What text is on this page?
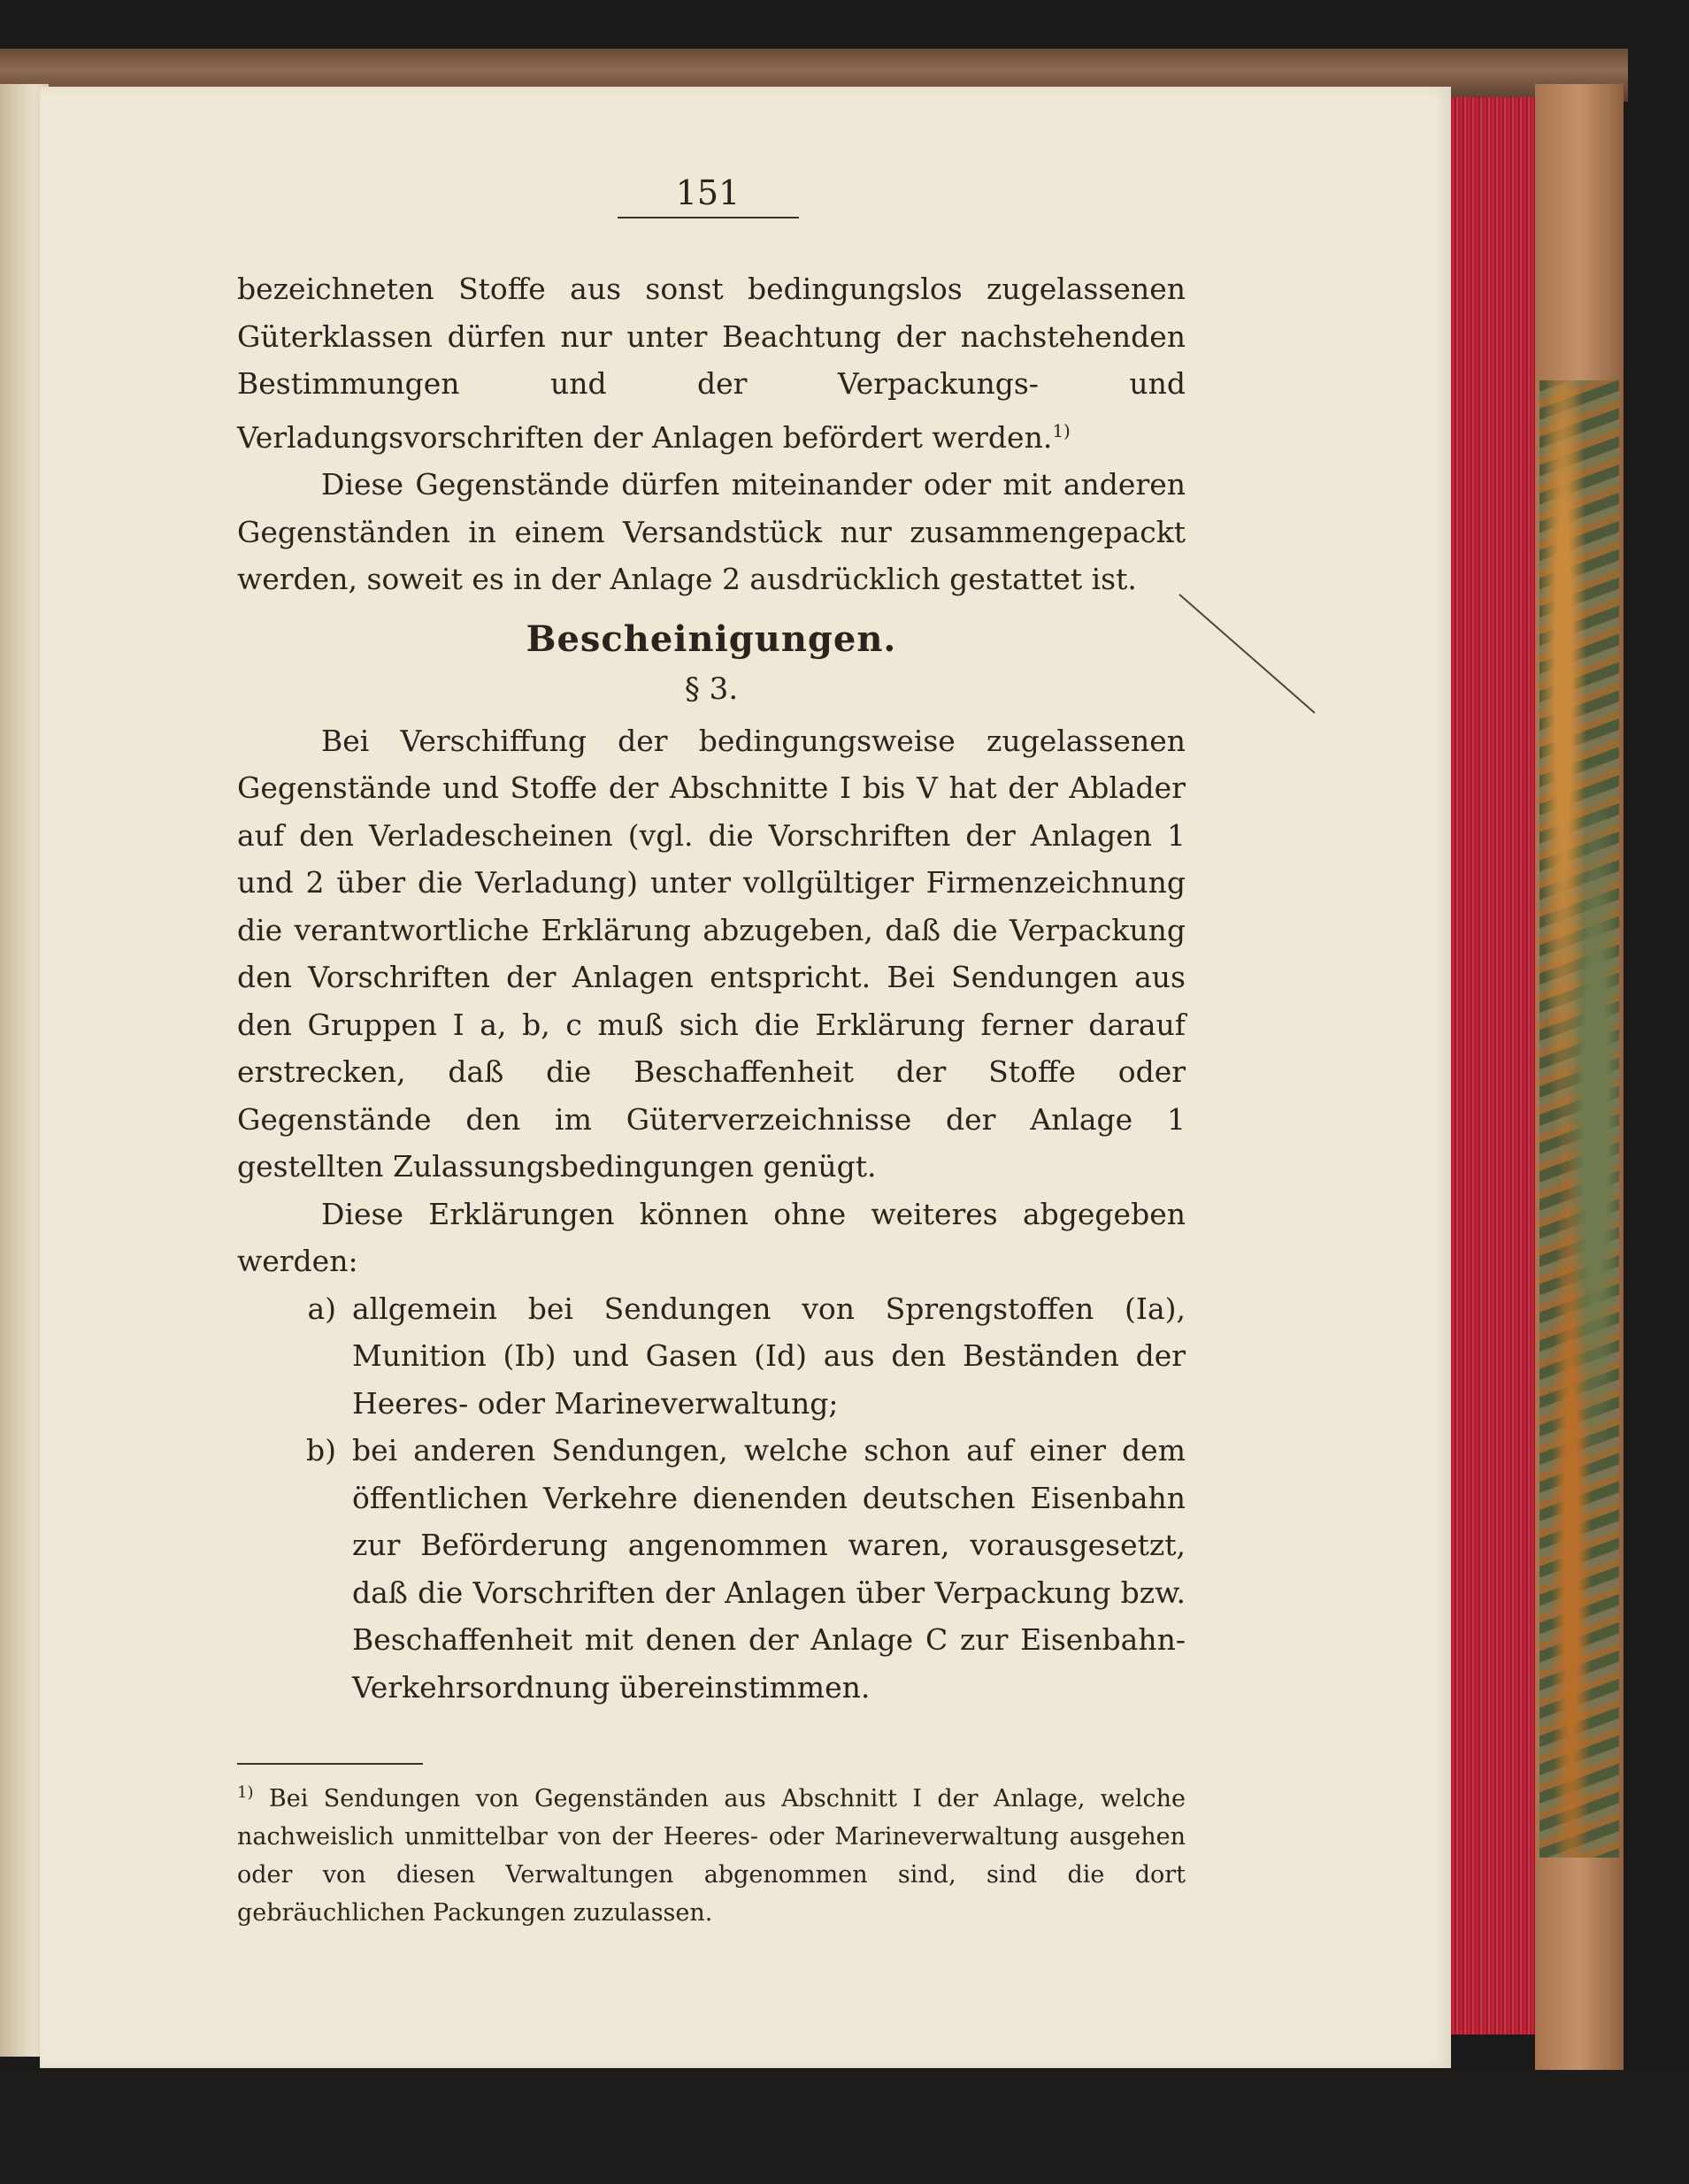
151

bezeichneten Stoffe aus sonst bedingungslos zugelassenen Güterklassen dürfen nur unter Beachtung der nachstehenden Bestimmungen und der Verpackungs- und Verladungsvorschriften der Anlagen befördert werden.$^{1)}$

Diese Gegenstände dürfen miteinander oder mit anderen Gegenständen in einem Versandstück nur zusammengepackt werden, soweit es in der Anlage 2 ausdrücklich gestattet ist.

Bescheinigungen.
§ 3.

Bei Verschiffung der bedingungsweise zugelassenen Gegenstände und Stoffe der Abschnitte I bis V hat der Ablader auf den Verladescheinen (vgl. die Vorschriften der Anlagen 1 und 2 über die Verladung) unter vollgültiger Firmenzeichnung die verantwortliche Erklärung abzugeben, daß die Verpackung den Vorschriften der Anlagen entspricht. Bei Sendungen aus den Gruppen I a, b, c muß sich die Erklärung ferner darauf erstrecken, daß die Beschaffenheit der Stoffe oder Gegenstände den im Güterverzeichnisse der Anlage 1 gestellten Zulassungsbedingungen genügt.

Diese Erklärungen können ohne weiteres abgegeben werden:

a) allgemein bei Sendungen von Sprengstoffen (Ia), Munition (Ib) und Gasen (Id) aus den Beständen der Heeres- oder Marineverwaltung;
b) bei anderen Sendungen, welche schon auf einer dem öffentlichen Verkehre dienenden deutschen Eisenbahn zur Beförderung angenommen waren, vorausgesetzt, daß die Vorschriften der Anlagen über Verpackung bzw. Beschaffenheit mit denen der Anlage C zur Eisenbahn-Verkehrsordnung übereinstimmen.
$^{1)}$ Bei Sendungen von Gegenständen aus Abschnitt I der Anlage, welche nachweislich unmittelbar von der Heeres- oder Marineverwaltung ausgehen oder von diesen Verwaltungen abgenommen sind, sind die dort gebräuchlichen Packungen zuzulassen.
